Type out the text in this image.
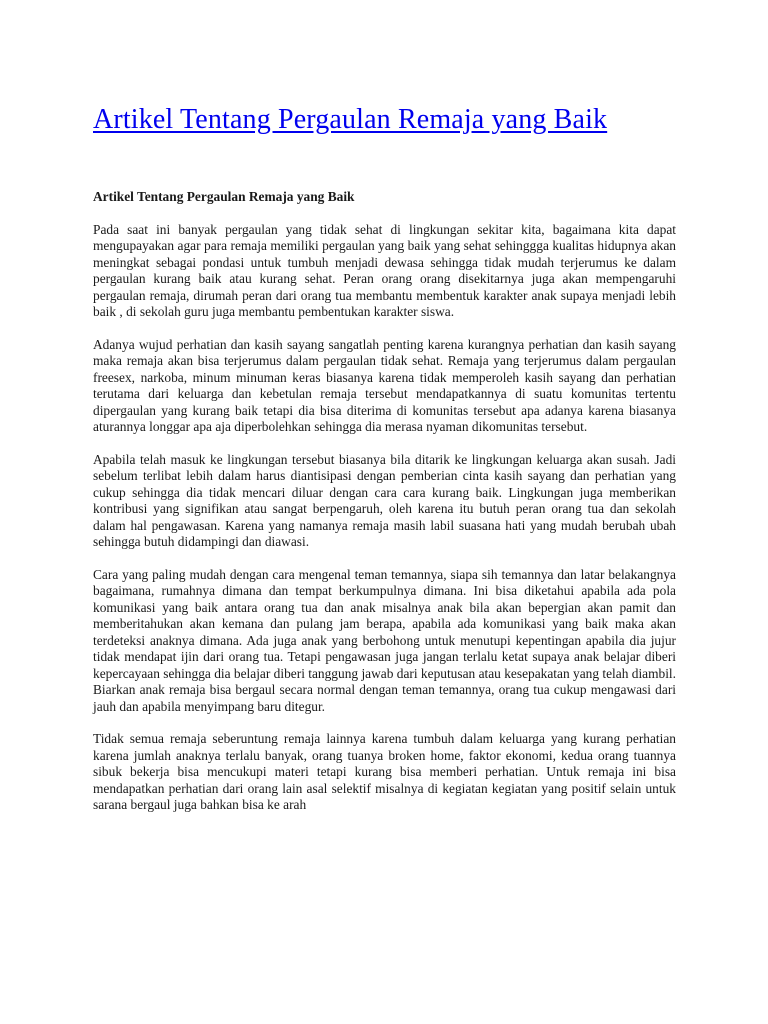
Artikel Tentang Pergaulan Remaja yang Baik

Artikel Tentang Pergaulan Remaja yang Baik

Pada saat ini banyak pergaulan yang tidak sehat di lingkungan sekitar kita, bagaimana kita dapat mengupayakan agar para remaja memiliki pergaulan yang baik yang sehat sehinggga kualitas hidupnya akan meningkat sebagai pondasi untuk tumbuh menjadi dewasa sehingga tidak mudah terjerumus ke dalam pergaulan kurang baik atau kurang sehat. Peran orang orang disekitarnya juga akan mempengaruhi pergaulan remaja, dirumah peran dari orang tua membantu membentuk karakter anak supaya menjadi lebih baik , di sekolah guru juga membantu pembentukan karakter siswa.

Adanya wujud perhatian dan kasih sayang sangatlah penting karena kurangnya perhatian dan kasih sayang maka remaja akan bisa terjerumus dalam pergaulan tidak sehat. Remaja yang terjerumus dalam pergaulan freesex, narkoba, minum minuman keras biasanya karena tidak memperoleh kasih sayang dan perhatian terutama dari keluarga dan kebetulan remaja tersebut mendapatkannya di suatu komunitas tertentu dipergaulan yang kurang baik tetapi dia bisa diterima di komunitas tersebut apa adanya karena biasanya aturannya longgar apa aja diperbolehkan sehingga dia merasa nyaman dikomunitas tersebut.

Apabila telah masuk ke lingkungan tersebut biasanya bila ditarik ke lingkungan keluarga akan susah. Jadi sebelum terlibat lebih dalam harus diantisipasi dengan pemberian cinta kasih sayang dan perhatian yang cukup sehingga dia tidak mencari diluar dengan cara cara kurang baik. Lingkungan juga memberikan kontribusi yang signifikan atau sangat berpengaruh, oleh karena itu butuh peran orang tua dan sekolah dalam hal pengawasan. Karena yang namanya remaja masih labil suasana hati yang mudah berubah ubah sehingga butuh didampingi dan diawasi.

Cara yang paling mudah dengan cara mengenal teman temannya, siapa sih temannya dan latar belakangnya bagaimana, rumahnya dimana dan tempat berkumpulnya dimana. Ini bisa diketahui apabila ada pola komunikasi yang baik antara orang tua dan anak misalnya anak bila akan bepergian akan pamit dan memberitahukan akan kemana dan pulang jam berapa, apabila ada komunikasi yang baik maka akan terdeteksi anaknya dimana. Ada juga anak yang berbohong untuk menutupi kepentingan apabila dia jujur tidak mendapat ijin dari orang tua. Tetapi pengawasan juga jangan terlalu ketat supaya anak belajar diberi kepercayaan sehingga dia belajar diberi tanggung jawab dari keputusan atau kesepakatan yang telah diambil. Biarkan anak remaja bisa bergaul secara normal dengan teman temannya, orang tua cukup mengawasi dari jauh dan apabila menyimpang baru ditegur.

Tidak semua remaja seberuntung remaja lainnya karena tumbuh dalam keluarga yang kurang perhatian karena jumlah anaknya terlalu banyak, orang tuanya broken home, faktor ekonomi, kedua orang tuannya sibuk bekerja bisa mencukupi materi tetapi kurang bisa memberi perhatian. Untuk remaja ini bisa mendapatkan perhatian dari orang lain asal selektif misalnya di kegiatan kegiatan yang positif selain untuk sarana bergaul juga bahkan bisa ke arah
